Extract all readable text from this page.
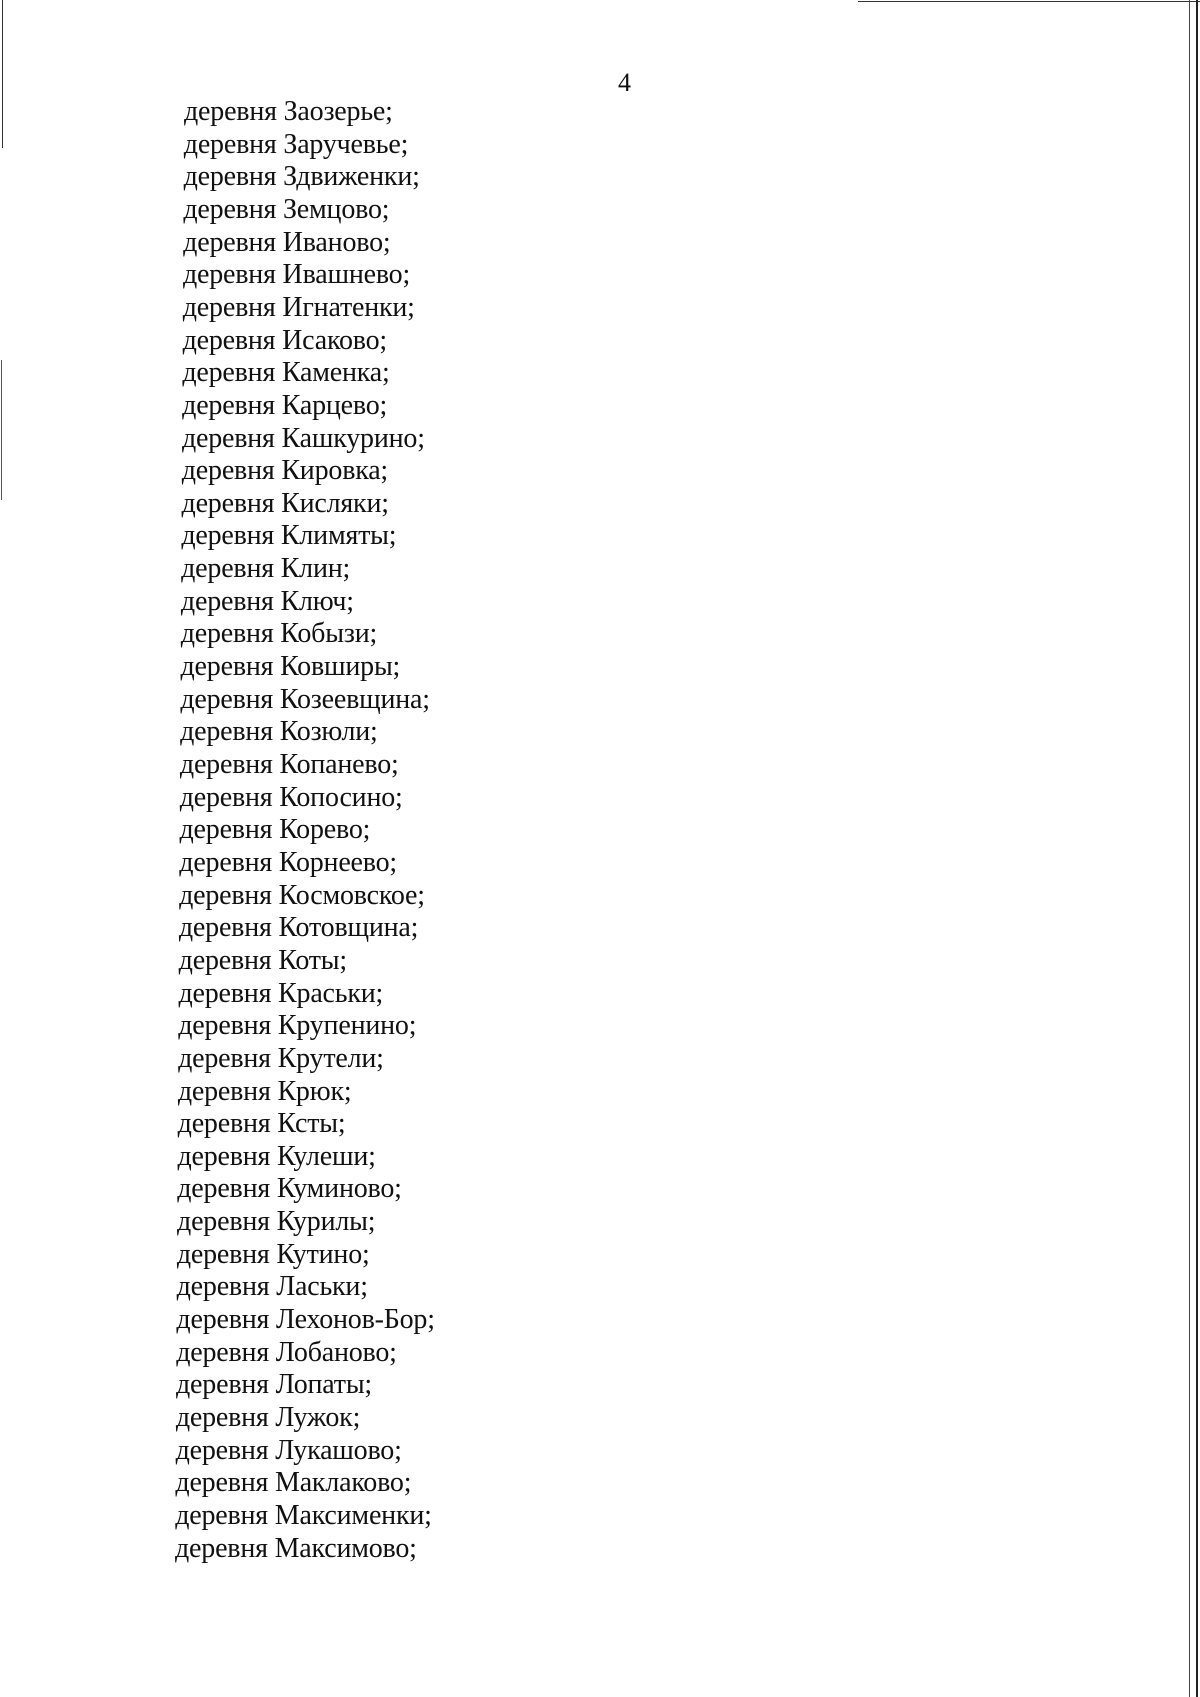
4
деревня Заозерье;
деревня Заручевье;
деревня Здвиженки;
деревня Земцово;
деревня Иваново;
деревня Ивашнево;
деревня Игнатенки;
деревня Исаково;
деревня Каменка;
деревня Карцево;
деревня Кашкурино;
деревня Кировка;
деревня Кисляки;
деревня Климяты;
деревня Клин;
деревня Ключ;
деревня Кобызи;
деревня Ковширы;
деревня Козеевщина;
деревня Козюли;
деревня Копанево;
деревня Копосино;
деревня Корево;
деревня Корнеево;
деревня Космовское;
деревня Котовщина;
деревня Коты;
деревня Краськи;
деревня Крупенино;
деревня Крутели;
деревня Крюк;
деревня Ксты;
деревня Кулеши;
деревня Куминово;
деревня Курилы;
деревня Кутино;
деревня Ласьки;
деревня Лехонов-Бор;
деревня Лобаново;
деревня Лопаты;
деревня Лужок;
деревня Лукашово;
деревня Маклаково;
деревня Максименки;
деревня Максимово;
